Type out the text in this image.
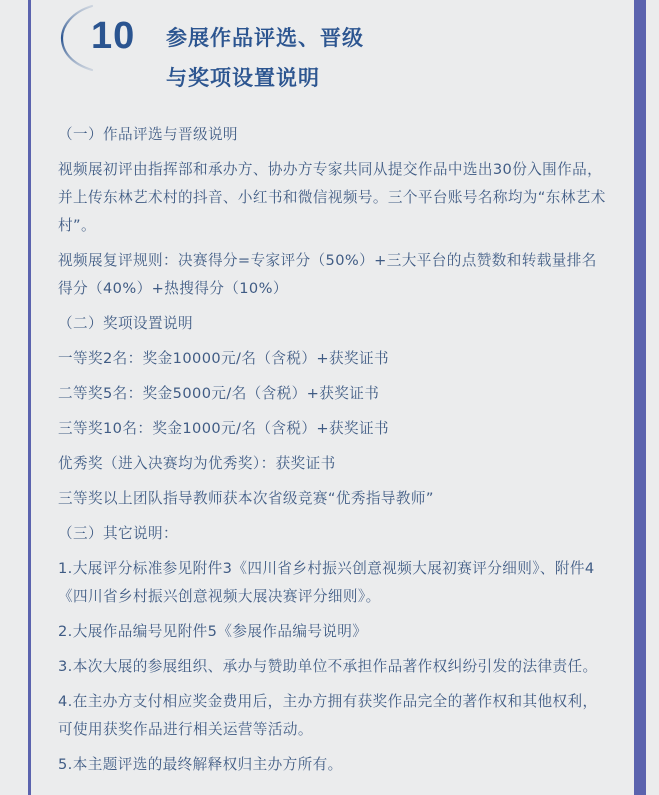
10 参展作品评选、晋级
与奖项设置说明

（一）作品评选与晋级说明

视频展初评由指挥部和承办方、协办方专家共同从提交作品中选出30份入围作品，并上传东林艺术村的抖音、小红书和微信视频号。三个平台账号名称均为“东林艺术村”。

视频展复评规则：决赛得分=专家评分（50%）+三大平台的点赞数和转载量排名得分（40%）+热搜得分（10%）

（二）奖项设置说明

一等奖2名：奖金10000元/名（含税）+获奖证书

二等奖5名：奖金5000元/名（含税）+获奖证书

三等奖10名：奖金1000元/名（含税）+获奖证书

优秀奖（进入决赛均为优秀奖）：获奖证书

三等奖以上团队指导教师获本次省级竞赛“优秀指导教师”

（三）其它说明：

1.大展评分标准参见附件3《四川省乡村振兴创意视频大展初赛评分细则》、附件4《四川省乡村振兴创意视频大展决赛评分细则》。

2.大展作品编号见附件5《参展作品编号说明》

3.本次大展的参展组织、承办与赞助单位不承担作品著作权纠纷引发的法律责任。

4.在主办方支付相应奖金费用后，主办方拥有获奖作品完全的著作权和其他权利，可使用获奖作品进行相关运营等活动。

5.本主题评选的最终解释权归主办方所有。
